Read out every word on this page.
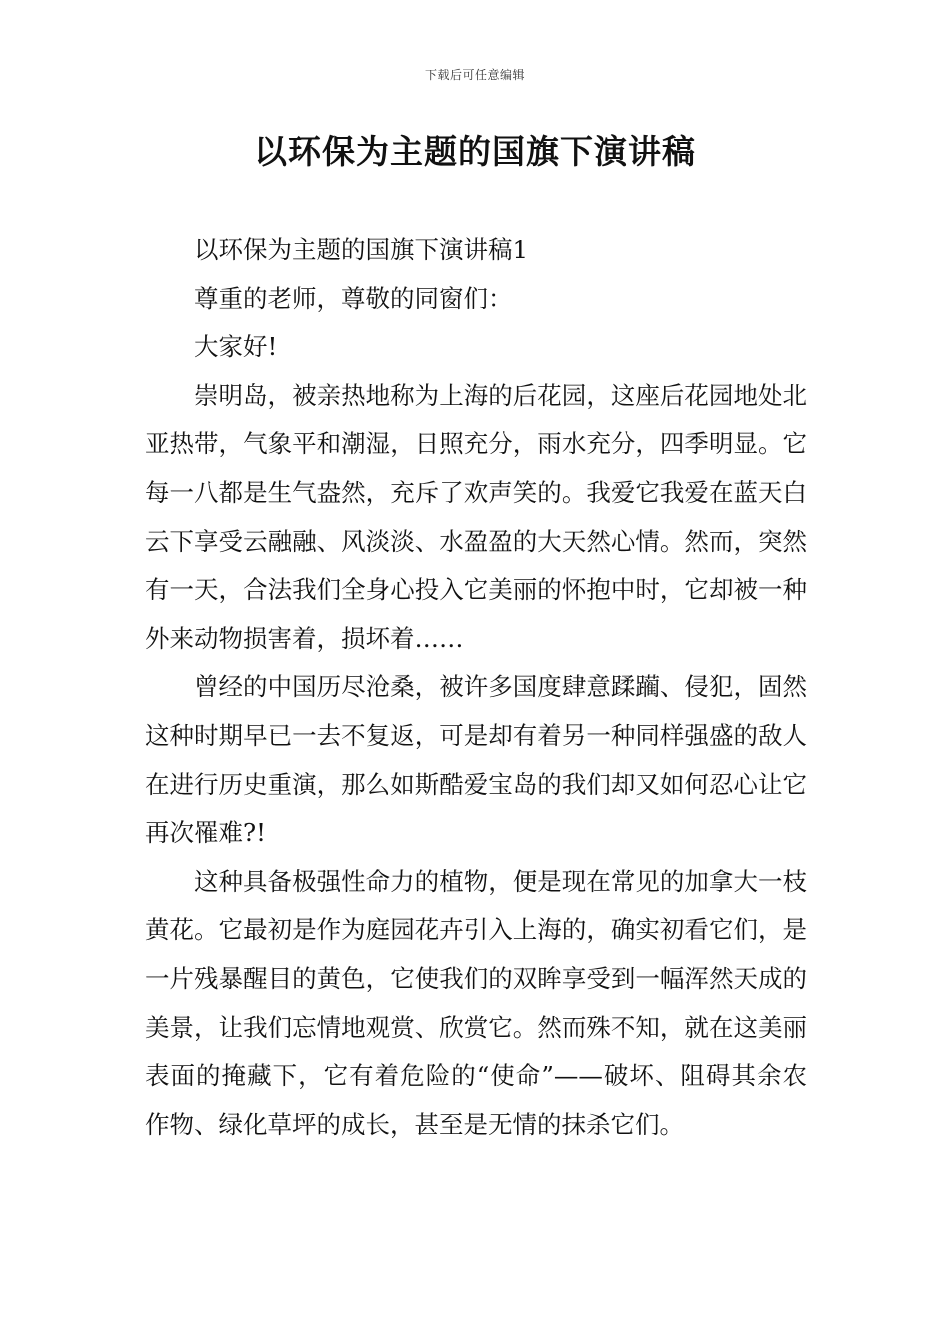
下载后可任意编辑
以环保为主题的国旗下演讲稿

以环保为主题的国旗下演讲稿1

尊重的老师，尊敬的同窗们：

大家好!

崇明岛，被亲热地称为上海的后花园，这座后花园地处北亚热带，气象平和潮湿，日照充分，雨水充分，四季明显。它每一八都是生气盎然，充斥了欢声笑的。我爱它我爱在蓝天白云下享受云融融、风淡淡、水盈盈的大天然心情。然而，突然有一天，合法我们全身心投入它美丽的怀抱中时，它却被一种外来动物损害着，损坏着……

曾经的中国历尽沧桑，被许多国度肆意蹂躏、侵犯，固然这种时期早已一去不复返，可是却有着另一种同样强盛的敌人在进行历史重演，那么如斯酷爱宝岛的我们却又如何忍心让它再次罹难?!

这种具备极强性命力的植物，便是现在常见的加拿大一枝黄花。它最初是作为庭园花卉引入上海的，确实初看它们，是一片残暴醒目的黄色，它使我们的双眸享受到一幅浑然天成的美景，让我们忘情地观赏、欣赏它。然而殊不知，就在这美丽表面的掩藏下，它有着危险的“使命”——破坏、阻碍其余农作物、绿化草坪的成长，甚至是无情的抹杀它们。
